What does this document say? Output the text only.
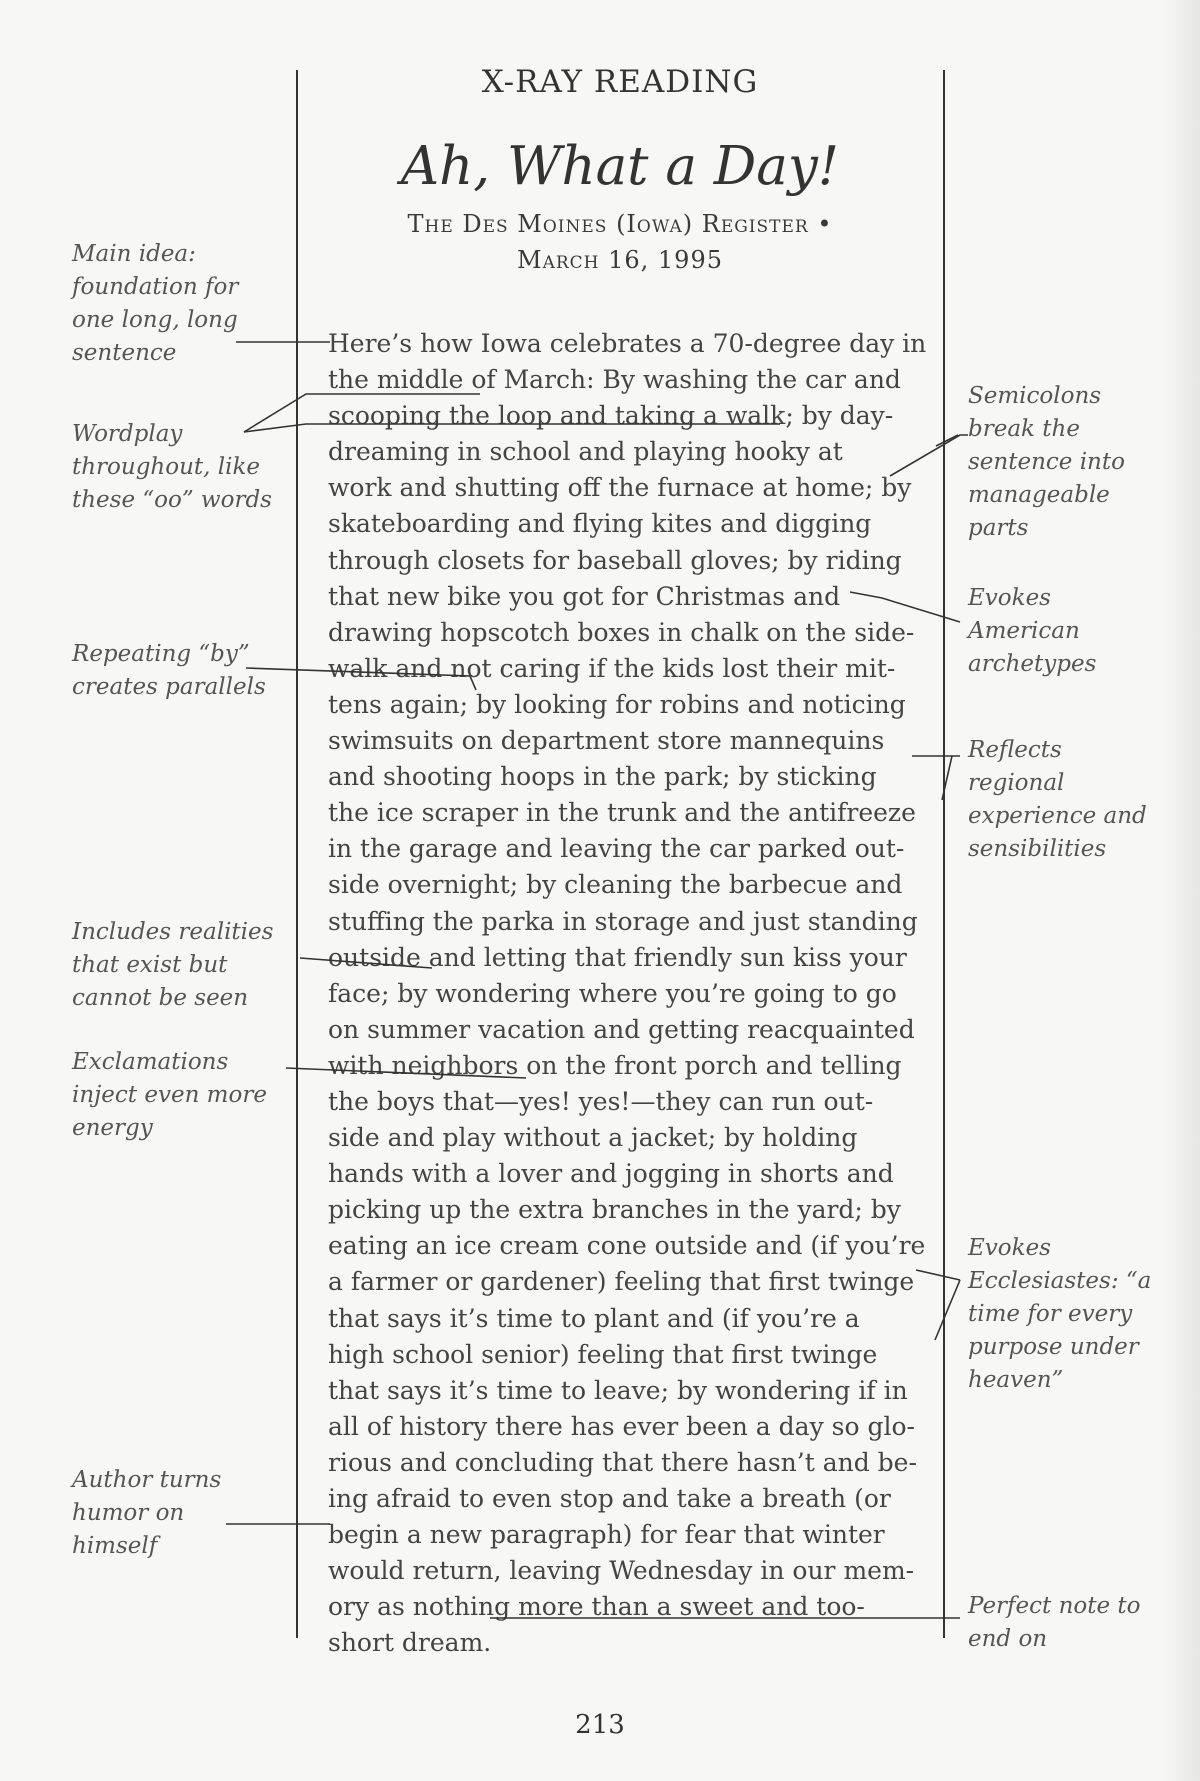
X-RAY READING
Ah, What a Day!
The Des Moines (Iowa) Register •
March 16, 1995
Here’s how Iowa celebrates a 70-degree day in
the middle of March: By washing the car and
scooping the loop and taking a walk; by day-
dreaming in school and playing hooky at
work and shutting off the furnace at home; by
skateboarding and flying kites and digging
through closets for baseball gloves; by riding
that new bike you got for Christmas and
drawing hopscotch boxes in chalk on the side-
walk and not caring if the kids lost their mit-
tens again; by looking for robins and noticing
swimsuits on department store mannequins
and shooting hoops in the park; by sticking
the ice scraper in the trunk and the antifreeze
in the garage and leaving the car parked out-
side overnight; by cleaning the barbecue and
stuffing the parka in storage and just standing
outside and letting that friendly sun kiss your
face; by wondering where you’re going to go
on summer vacation and getting reacquainted
with neighbors on the front porch and telling
the boys that—yes! yes!—they can run out-
side and play without a jacket; by holding
hands with a lover and jogging in shorts and
picking up the extra branches in the yard; by
eating an ice cream cone outside and (if you’re
a farmer or gardener) feeling that first twinge
that says it’s time to plant and (if you’re a
high school senior) feeling that first twinge
that says it’s time to leave; by wondering if in
all of history there has ever been a day so glo-
rious and concluding that there hasn’t and be-
ing afraid to even stop and take a breath (or
begin a new paragraph) for fear that winter
would return, leaving Wednesday in our mem-
ory as nothing more than a sweet and too-
short dream.
Main idea:
foundation for
one long, long
sentence
Wordplay
throughout, like
these “oo” words
Repeating “by”
creates parallels
Includes realities
that exist but
cannot be seen
Exclamations
inject even more
energy
Author turns
humor on
himself
Semicolons
break the
sentence into
manageable
parts
Evokes
American
archetypes
Reflects
regional
experience and
sensibilities
Evokes
Ecclesiastes: “a
time for every
purpose under
heaven”
Perfect note to
end on
213
